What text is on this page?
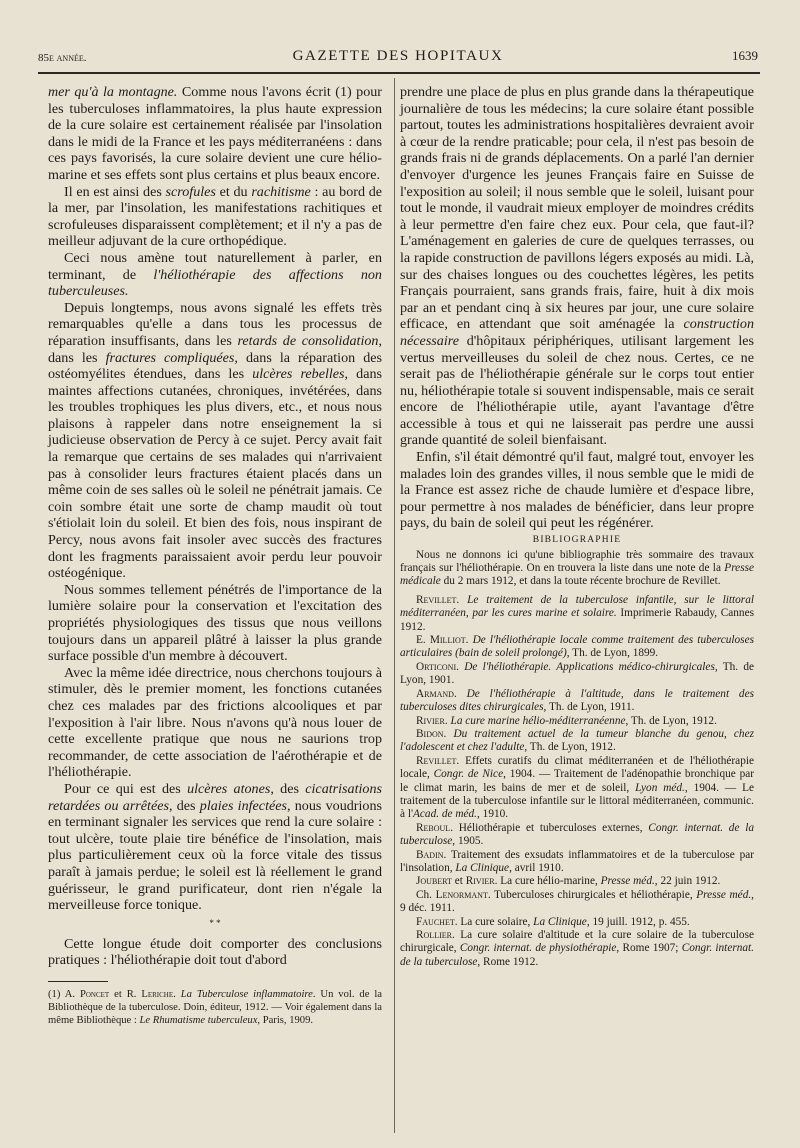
85e année.	GAZETTE DES HOPITAUX	1639

mer qu'à la montagne. Comme nous l'avons écrit (1) pour les tuberculoses inflammatoires, la plus haute expression de la cure solaire est certainement réalisée par l'insolation dans le midi de la France et les pays méditerranéens : dans ces pays favorisés, la cure solaire devient une cure hélio-marine et ses effets sont plus certains et plus beaux encore.

Il en est ainsi des scrofules et du rachitisme : au bord de la mer, par l'insolation, les manifestations rachitiques et scrofuleuses disparaissent complètement; et il n'y a pas de meilleur adjuvant de la cure orthopédique.

Ceci nous amène tout naturellement à parler, en terminant, de l'héliothérapie des affections non tuberculeuses.

Depuis longtemps, nous avons signalé les effets très remarquables qu'elle a dans tous les processus de réparation insuffisants, dans les retards de consolidation, dans les fractures compliquées, dans la réparation des ostéomyélites étendues, dans les ulcères rebelles, dans maintes affections cutanées, chroniques, invétérées, dans les troubles trophiques les plus divers, etc., et nous nous plaisons à rappeler dans notre enseignement la si judicieuse observation de Percy à ce sujet. Percy avait fait la remarque que certains de ses malades qui n'arrivaient pas à consolider leurs fractures étaient placés dans un même coin de ses salles où le soleil ne pénétrait jamais. Ce coin sombre était une sorte de champ maudit où tout s'étiolait loin du soleil. Et bien des fois, nous inspirant de Percy, nous avons fait insoler avec succès des fractures dont les fragments paraissaient avoir perdu leur pouvoir ostéogénique.

Nous sommes tellement pénétrés de l'importance de la lumière solaire pour la conservation et l'excitation des propriétés physiologiques des tissus que nous veillons toujours dans un appareil plâtré à laisser la plus grande surface possible d'un membre à découvert.

Avec la même idée directrice, nous cherchons toujours à stimuler, dès le premier moment, les fonctions cutanées chez ces malades par des frictions alcooliques et par l'exposition à l'air libre. Nous n'avons qu'à nous louer de cette excellente pratique que nous ne saurions trop recommander, de cette association de l'aérothérapie et de l'héliothérapie.

Pour ce qui est des ulcères atones, des cicatrisations retardées ou arrêtées, des plaies infectées, nous voudrions en terminant signaler les services que rend la cure solaire : tout ulcère, toute plaie tire bénéfice de l'insolation, mais plus particulièrement ceux où la force vitale des tissus paraît à jamais perdue; le soleil est là réellement le grand guérisseur, le grand purificateur, dont rien n'égale la merveilleuse force tonique.

* *

Cette longue étude doit comporter des conclusions pratiques : l'héliothérapie doit tout d'abord

(1) A. Poncet et R. Leriche. La Tuberculose inflammatoire. Un vol. de la Bibliothèque de la tuberculose. Doin, éditeur, 1912. — Voir également dans la même Bibliothèque : Le Rhumatisme tuberculeux, Paris, 1909.

prendre une place de plus en plus grande dans la thérapeutique journalière de tous les médecins; la cure solaire étant possible partout, toutes les administrations hospitalières devraient avoir à cœur de la rendre praticable; pour cela, il n'est pas besoin de grands frais ni de grands déplacements. On a parlé l'an dernier d'envoyer d'urgence les jeunes Français faire en Suisse de l'exposition au soleil; il nous semble que le soleil, luisant pour tout le monde, il vaudrait mieux employer de moindres crédits à leur permettre d'en faire chez eux. Pour cela, que faut-il? L'aménagement en galeries de cure de quelques terrasses, ou la rapide construction de pavillons légers exposés au midi. Là, sur des chaises longues ou des couchettes légères, les petits Français pourraient, sans grands frais, faire, huit à dix mois par an et pendant cinq à six heures par jour, une cure solaire efficace, en attendant que soit aménagée la construction nécessaire d'hôpitaux périphériques, utilisant largement les vertus merveilleuses du soleil de chez nous. Certes, ce ne serait pas de l'héliothérapie générale sur le corps tout entier nu, héliothérapie totale si souvent indispensable, mais ce serait encore de l'héliothérapie utile, ayant l'avantage d'être accessible à tous et qui ne laisserait pas perdre une aussi grande quantité de soleil bienfaisant.

Enfin, s'il était démontré qu'il faut, malgré tout, envoyer les malades loin des grandes villes, il nous semble que le midi de la France est assez riche de chaude lumière et d'espace libre, pour permettre à nos malades de bénéficier, dans leur propre pays, du bain de soleil qui peut les régénérer.

BIBLIOGRAPHIE

Nous ne donnons ici qu'une bibliographie très sommaire des travaux français sur l'héliothérapie. On en trouvera la liste dans une note de la Presse médicale du 2 mars 1912, et dans la toute récente brochure de Revillet.

Revillet. Le traitement de la tuberculose infantile, sur le littoral méditerranéen, par les cures marine et solaire. Imprimerie Rabaudy, Cannes 1912.

E. Milliot. De l'héliothérapie locale comme traitement des tuberculoses articulaires (bain de soleil prolongé), Th. de Lyon, 1899.

Orticoni. De l'héliothérapie. Applications médico-chirurgicales, Th. de Lyon, 1901.

Armand. De l'héliothérapie à l'altitude, dans le traitement des tuberculoses dites chirurgicales, Th. de Lyon, 1911.

Rivier. La cure marine hélio-méditerranéenne, Th. de Lyon, 1912.

Bidon. Du traitement actuel de la tumeur blanche du genou, chez l'adolescent et chez l'adulte, Th. de Lyon, 1912.

Revillet. Effets curatifs du climat méditerranéen et de l'héliothérapie locale, Congr. de Nice, 1904. — Traitement de l'adénopathie bronchique par le climat marin, les bains de mer et de soleil, Lyon méd., 1904. — Le traitement de la tuberculose infantile sur le littoral méditerranéen, communic. à l'Acad. de méd., 1910.

Reboul. Héliothérapie et tuberculoses externes, Congr. internat. de la tuberculose, 1905.

Badin. Traitement des exsudats inflammatoires et de la tuberculose par l'insolation, La Clinique, avril 1910.

Joubert et Rivier. La cure hélio-marine, Presse méd., 22 juin 1912.

Ch. Lenormant. Tuberculoses chirurgicales et héliothérapie, Presse méd., 9 déc. 1911.

Fauchet. La cure solaire, La Clinique, 19 juill. 1912, p. 455.

Rollier. La cure solaire d'altitude et la cure solaire de la tuberculose chirurgicale, Congr. internat. de physiothérapie, Rome 1907; Congr. internat. de la tuberculose, Rome 1912.
